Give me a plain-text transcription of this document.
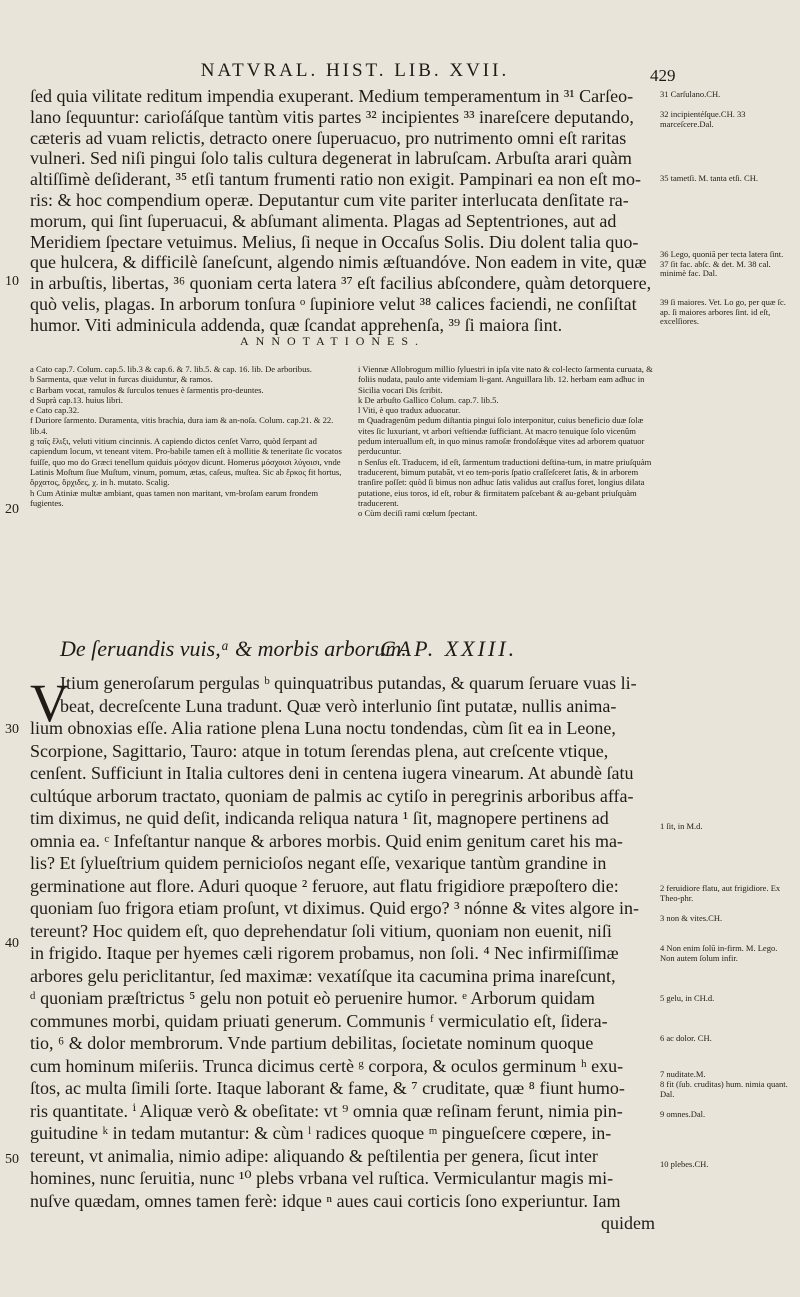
NATVRAL. HIST. LIB. XVII.	429
ſed quia vilitate reditum impendia exuperant. Medium temperamentum in ³¹ Carſeo-
lano ſequuntur: carioſáſque tantùm vitis partes ³² incipientes ³³ inareſcere deputando,
cæteris ad vuam relictis, detracto onere ſuperuacuo, pro nutrimento omni eſt raritas
vulneri. Sed niſi pingui ſolo talis cultura degenerat in labruſcam. Arbuſta arari quàm
altiſſimè deſiderant, ³⁵ etſi tantum frumenti ratio non exigit. Pampinari ea non eſt mo-
ris: & hoc compendium operæ. Deputantur cum vite pariter interlucata denſitate ra-
morum, qui ſint ſuperuacui, & abſumant alimenta. Plagas ad Septentriones, aut ad
Meridiem ſpectare vetuimus. Melius, ſi neque in Occaſus Solis. Diu dolent talia quo-
que hulcera, & difficilè ſaneſcunt, algendo nimis æſtuandóve. Non eadem in vite, quæ
in arbuſtis, libertas, ³⁶ quoniam certa latera ³⁷ eſt facilius abſcondere, quàm detorquere,
quò velis, plagas. In arborum tonſura ᵒ ſupiniore velut ³⁸ calices faciendi, ne conſiſtat
humor. Viti adminicula addenda, quæ ſcandat apprehenſa, ³⁹ ſi maiora ſint.
10
20
30
40
50
31 Carſulano.CH.
32 incipientéſque.CH. 33 marceſcere.Dal.
35 tametſi. M. tanta etſi. CH.
36 Lego, quoniā per tecta latera ſint. 37 ſit fac. abſc. & det. M. 38 cal. minimè fac. Dal.
39 ſi maiores. Vet. Lo go, per quæ ſc. ap. ſi maiores arbores ſint. id eſt, excelſiores.
ANNOTATIONES.
a Cato cap.7. Colum. cap.5. lib.3 & cap.6. & 7. lib.5. & cap. 16. lib. De arboribus.
b Sarmenta, quæ velut in furcas diuiduntur, & ramos.
c Barbam vocat, ramulos & ſurculos tenues è ſarmentis pro-deuntes.
d Suprà cap.13. huius libri.
e Cato cap.32.
f Duriore ſarmento. Duramenta, vitis brachia, dura iam & an-noſa. Colum. cap.21. & 22. lib.4.
g ταῖς ἕλιξι, veluti vitium cincinnis. A capiendo dictos cenſet Varro, quòd ſerpant ad capiendum locum, vt teneant vitem. Pro-babile tamen eſt à mollitie & teneritate ſic vocatos fuiſſe, quo mo do Græci tenellum quiduis μόσχον dicunt. Homerus μόσχοισι λύγοισι, vnde Latinis Moſtum ſiue Muſtum, vinum, pomum, ætas, caſeus, muſtea. Sic ab ἕρκος fit hortus, ὄρχατος, ὄρχιδες, χ. in h. mutato. Scalig.
h Cum Atiniæ multæ ambiant, quas tamen non maritant, vm-broſam earum frondem fugientes.
i Viennæ Allobrogum millio ſyluestri in ipſa vite nato & col-lecto ſarmenta curuata, & foliis nudata, paulo ante videmiam li-gant. Anguillara lib. 12. herbam eam adhuc in Sicilia vocari Dis ſcribit.
k De arbuſto Gallico Colum. cap.7. lib.5.
l Viti, è quo tradux aduocatur.
m Quadragenûm pedum diſtantia pingui ſolo interponitur, cuius beneficio duæ ſolæ vites ſic luxuriant, vt arbori veſtiendæ ſufficiant. At macro tenuique ſolo vicenûm pedum interuallum eſt, in quo minus ramoſæ frondoſǽque vites ad arborem quatuor perducuntur.
n Senſus eſt. Traducem, id eſt, ſarmentum traductioni deſtina-tum, in matre priuſquàm traducerent, bimum putabāt, vt eo tem-poris ſpatio craſſeſceret ſatis, & in arborem tranſire poſſet: quòd ſi bimus non adhuc ſatis validus aut craſſus foret, longius dilata putatione, eius toros, id eſt, robur & firmitatem paſcebant & au-gebant priuſquàm traducerent.
o Cùm deciſi rami cœlum ſpectant.
De ſeruandis vuis,ᵃ & morbis arborum.
CAP. XXIII.
V
Itium generoſarum pergulas ᵇ quinquatribus putandas, & quarum ſeruare vuas li-
beat, decreſcente Luna tradunt. Quæ verò interlunio ſint putatæ, nullis anima-
lium obnoxias eſſe. Alia ratione plena Luna noctu tondendas, cùm ſit ea in Leone,
Scorpione, Sagittario, Tauro: atque in totum ſerendas plena, aut creſcente vtique,
cenſent. Sufficiunt in Italia cultores deni in centena iugera vinearum. At abundè ſatu
cultúque arborum tractato, quoniam de palmis ac cytiſo in peregrinis arboribus affa-
tim diximus, ne quid deſit, indicanda reliqua natura ¹ ſit, magnopere pertinens ad
omnia ea. ᶜ Infeſtantur nanque & arbores morbis. Quid enim genitum caret his ma-
lis? Et ſylueſtrium quidem pernicioſos negant eſſe, vexarique tantùm grandine in
germinatione aut flore. Aduri quoque ² feruore, aut flatu frigidiore præpoſtero die:
quoniam ſuo frigora etiam proſunt, vt diximus. Quid ergo? ³ nónne & vites algore in-
tereunt? Hoc quidem eſt, quo deprehendatur ſoli vitium, quoniam non euenit, niſi
in frigido. Itaque per hyemes cæli rigorem probamus, non ſoli. ⁴ Nec infirmiſſimæ
arbores gelu periclitantur, ſed maximæ: vexatíſque ita cacumina prima inareſcunt,
ᵈ quoniam præſtrictus ⁵ gelu non potuit eò peruenire humor. ᵉ Arborum quidam
communes morbi, quidam priuati generum. Communis ᶠ vermiculatio eſt, ſidera-
tio, ⁶ & dolor membrorum. Vnde partium debilitas, ſocietate nominum quoque
cum hominum miſeriis. Trunca dicimus certè ᵍ corpora, & oculos germinum ʰ exu-
ſtos, ac multa ſimili ſorte. Itaque laborant & fame, & ⁷ cruditate, quæ ⁸ fiunt humo-
ris quantitate. ⁱ Aliquæ verò & obeſitate: vt ⁹ omnia quæ reſinam ferunt, nimia pin-
guitudine ᵏ in tedam mutantur: & cùm ˡ radices quoque ᵐ pingueſcere cœpere, in-
tereunt, vt animalia, nimio adipe: aliquando & peſtilentia per genera, ſicut inter
homines, nunc ſeruitia, nunc ¹⁰ plebs vrbana vel ruſtica. Vermiculantur magis mi-
nuſve quædam, omnes tamen ferè: idque ⁿ aues caui corticis ſono experiuntur. Iam
quidem
1 ſit, in M.d.
2 feruidiore flatu, aut frigidiore. Ex Theo-phr.
3 non & vites.CH.
4 Non enim ſolū in-firm. M. Lego. Non autem ſolum infir.
5 gelu, in CH.d.
6 ac dolor. CH.
7 nuditate.M.
8 fit (ſub. cruditas) hum. nimia quant. Dal.
9 omnes.Dal.
10 plebes.CH.
